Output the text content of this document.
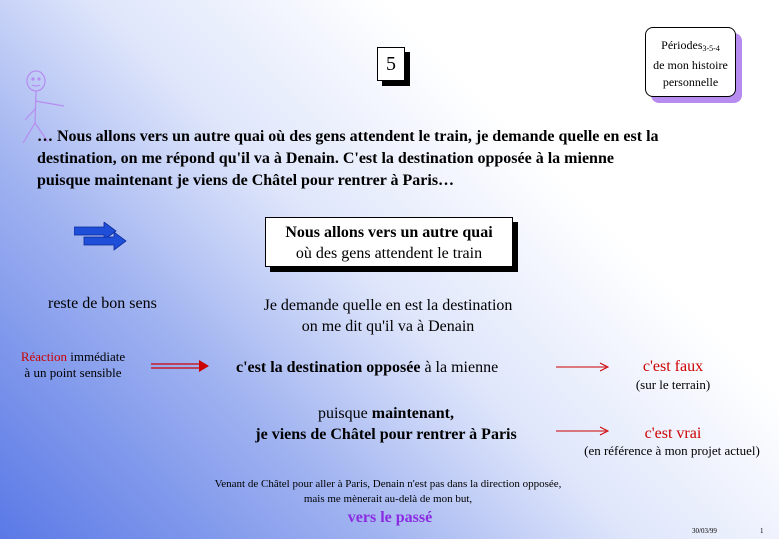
5
Périodes$_{3-5-4}$
de mon histoire
personnelle
… Nous allons vers un autre quai où des gens attendent le train, je demande quelle en est la
destination, on me répond qu'il va à Denain. C'est la destination opposée à la mienne
puisque maintenant je viens de Châtel pour rentrer à Paris…
Nous allons vers un autre quai
où des gens attendent le train
reste de bon sens	Je demande quelle en est la destination
on me dit qu'il va à Denain
Réaction immédiate
à un point sensible	c'est la destination opposée à la mienne	c'est faux
(sur le terrain)
puisque maintenant,
je viens de Châtel pour rentrer à Paris	c'est vrai
(en référence à mon projet actuel)
Venant de Châtel pour aller à Paris, Denain n'est pas dans la direction opposée,
mais me mènerait au-delà de mon but,
vers le passé
30/03/99	1
